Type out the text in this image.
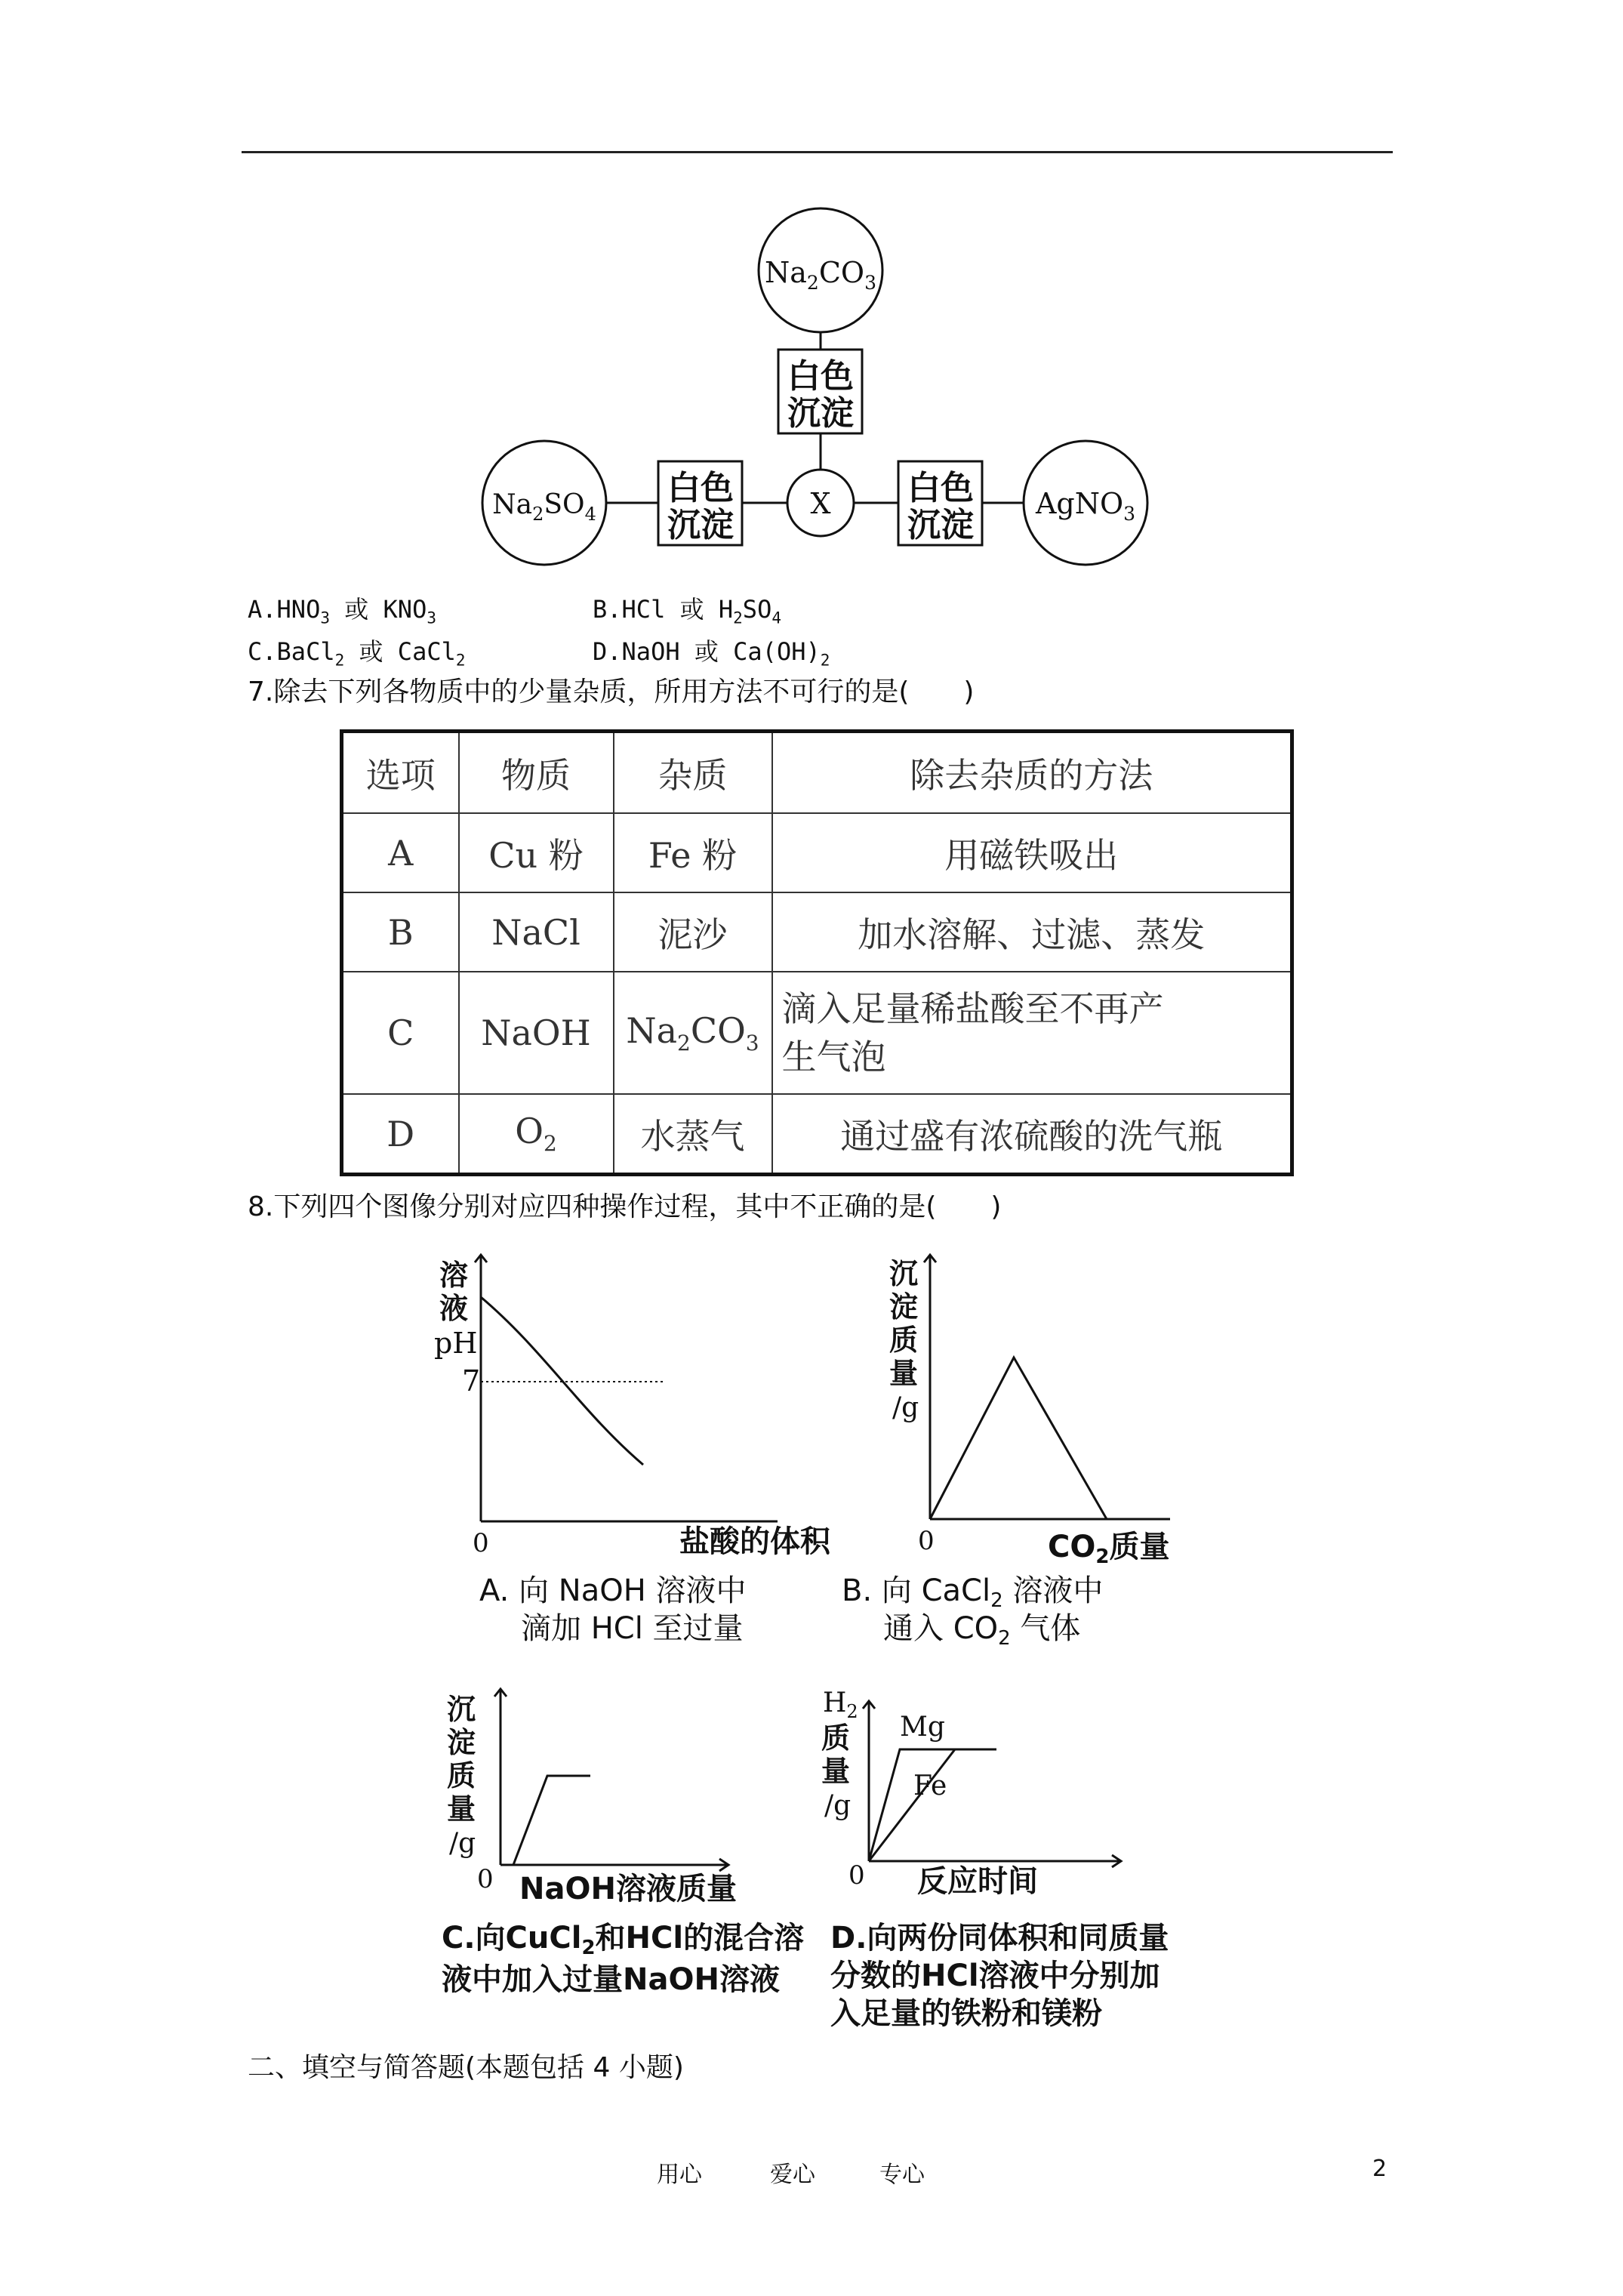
$Na_2CO_3$
$Na_2SO_4$	AgNO$_3$
X
白色
沉淀
白色
沉淀
白色
沉淀
$A.HNO_3$ 或 $KNO_3$	B.HCl 或 $H_2SO_4$
C.BaCl$_2$ 或 CaCl$_2$	D.NaOH 或 $Ca(OH)_2$
7.除去下列各物质中的少量杂质，所用方法不可行的是(　　)
选项	物质	杂质	除去杂质的方法
A	Cu 粉	Fe 粉	用磁铁吸出
B	NaCl	泥沙	加水溶解、过滤、蒸发
C	NaOH	$Na_2CO_3$	滴入足量稀盐酸至不再产
生气泡

D	$O_2$	水蒸气	通过盛有浓硫酸的洗气瓶
8.下列四个图像分别对应四种操作过程，其中不正确的是(　　)
溶
液
pH
7
0	盐酸的体积
A. 向 NaOH 溶液中
滴加 HCl 至过量
沉
淀
质
量
/g
0	$CO_2$质量
B. 向 CaCl$_2$ 溶液中
通入 $CO_2$ 气体
沉
淀
质
量
/g
0 NaOH溶液质量
C.向CuCl$_2$和HCl的混合溶
液中加入过量NaOH溶液
$H_2$
质
量
/g
Mg
Fe
0 反应时间
D.向两份同体积和同质量
分数的HCl溶液中分别加
入足量的铁粉和镁粉
二、填空与简答题(本题包括 4 小题)
用心	爱心	专心	2
